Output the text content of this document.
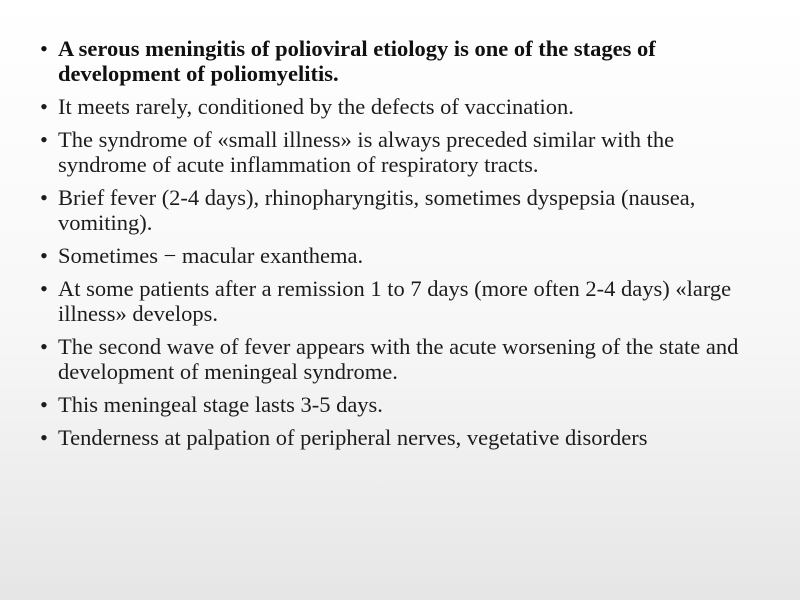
• A serous meningitis of polioviral etiology is one of the stages of development of poliomyelitis.
• It meets rarely, conditioned by the defects of vaccination.
• The syndrome of «small illness» is always preceded similar with the syndrome of acute inflammation of respiratory tracts.
• Brief fever (2-4 days), rhinopharyngitis, sometimes dyspepsia (nausea, vomiting).
• Sometimes − macular exanthema.
• At some patients after a remission 1 to 7 days (more often 2-4 days) «large illness» develops.
• The second wave of fever appears with the acute worsening of the state and development of meningeal syndrome.
• This meningeal stage lasts 3-5 days.
• Tenderness at palpation of peripheral nerves, vegetative disorders
